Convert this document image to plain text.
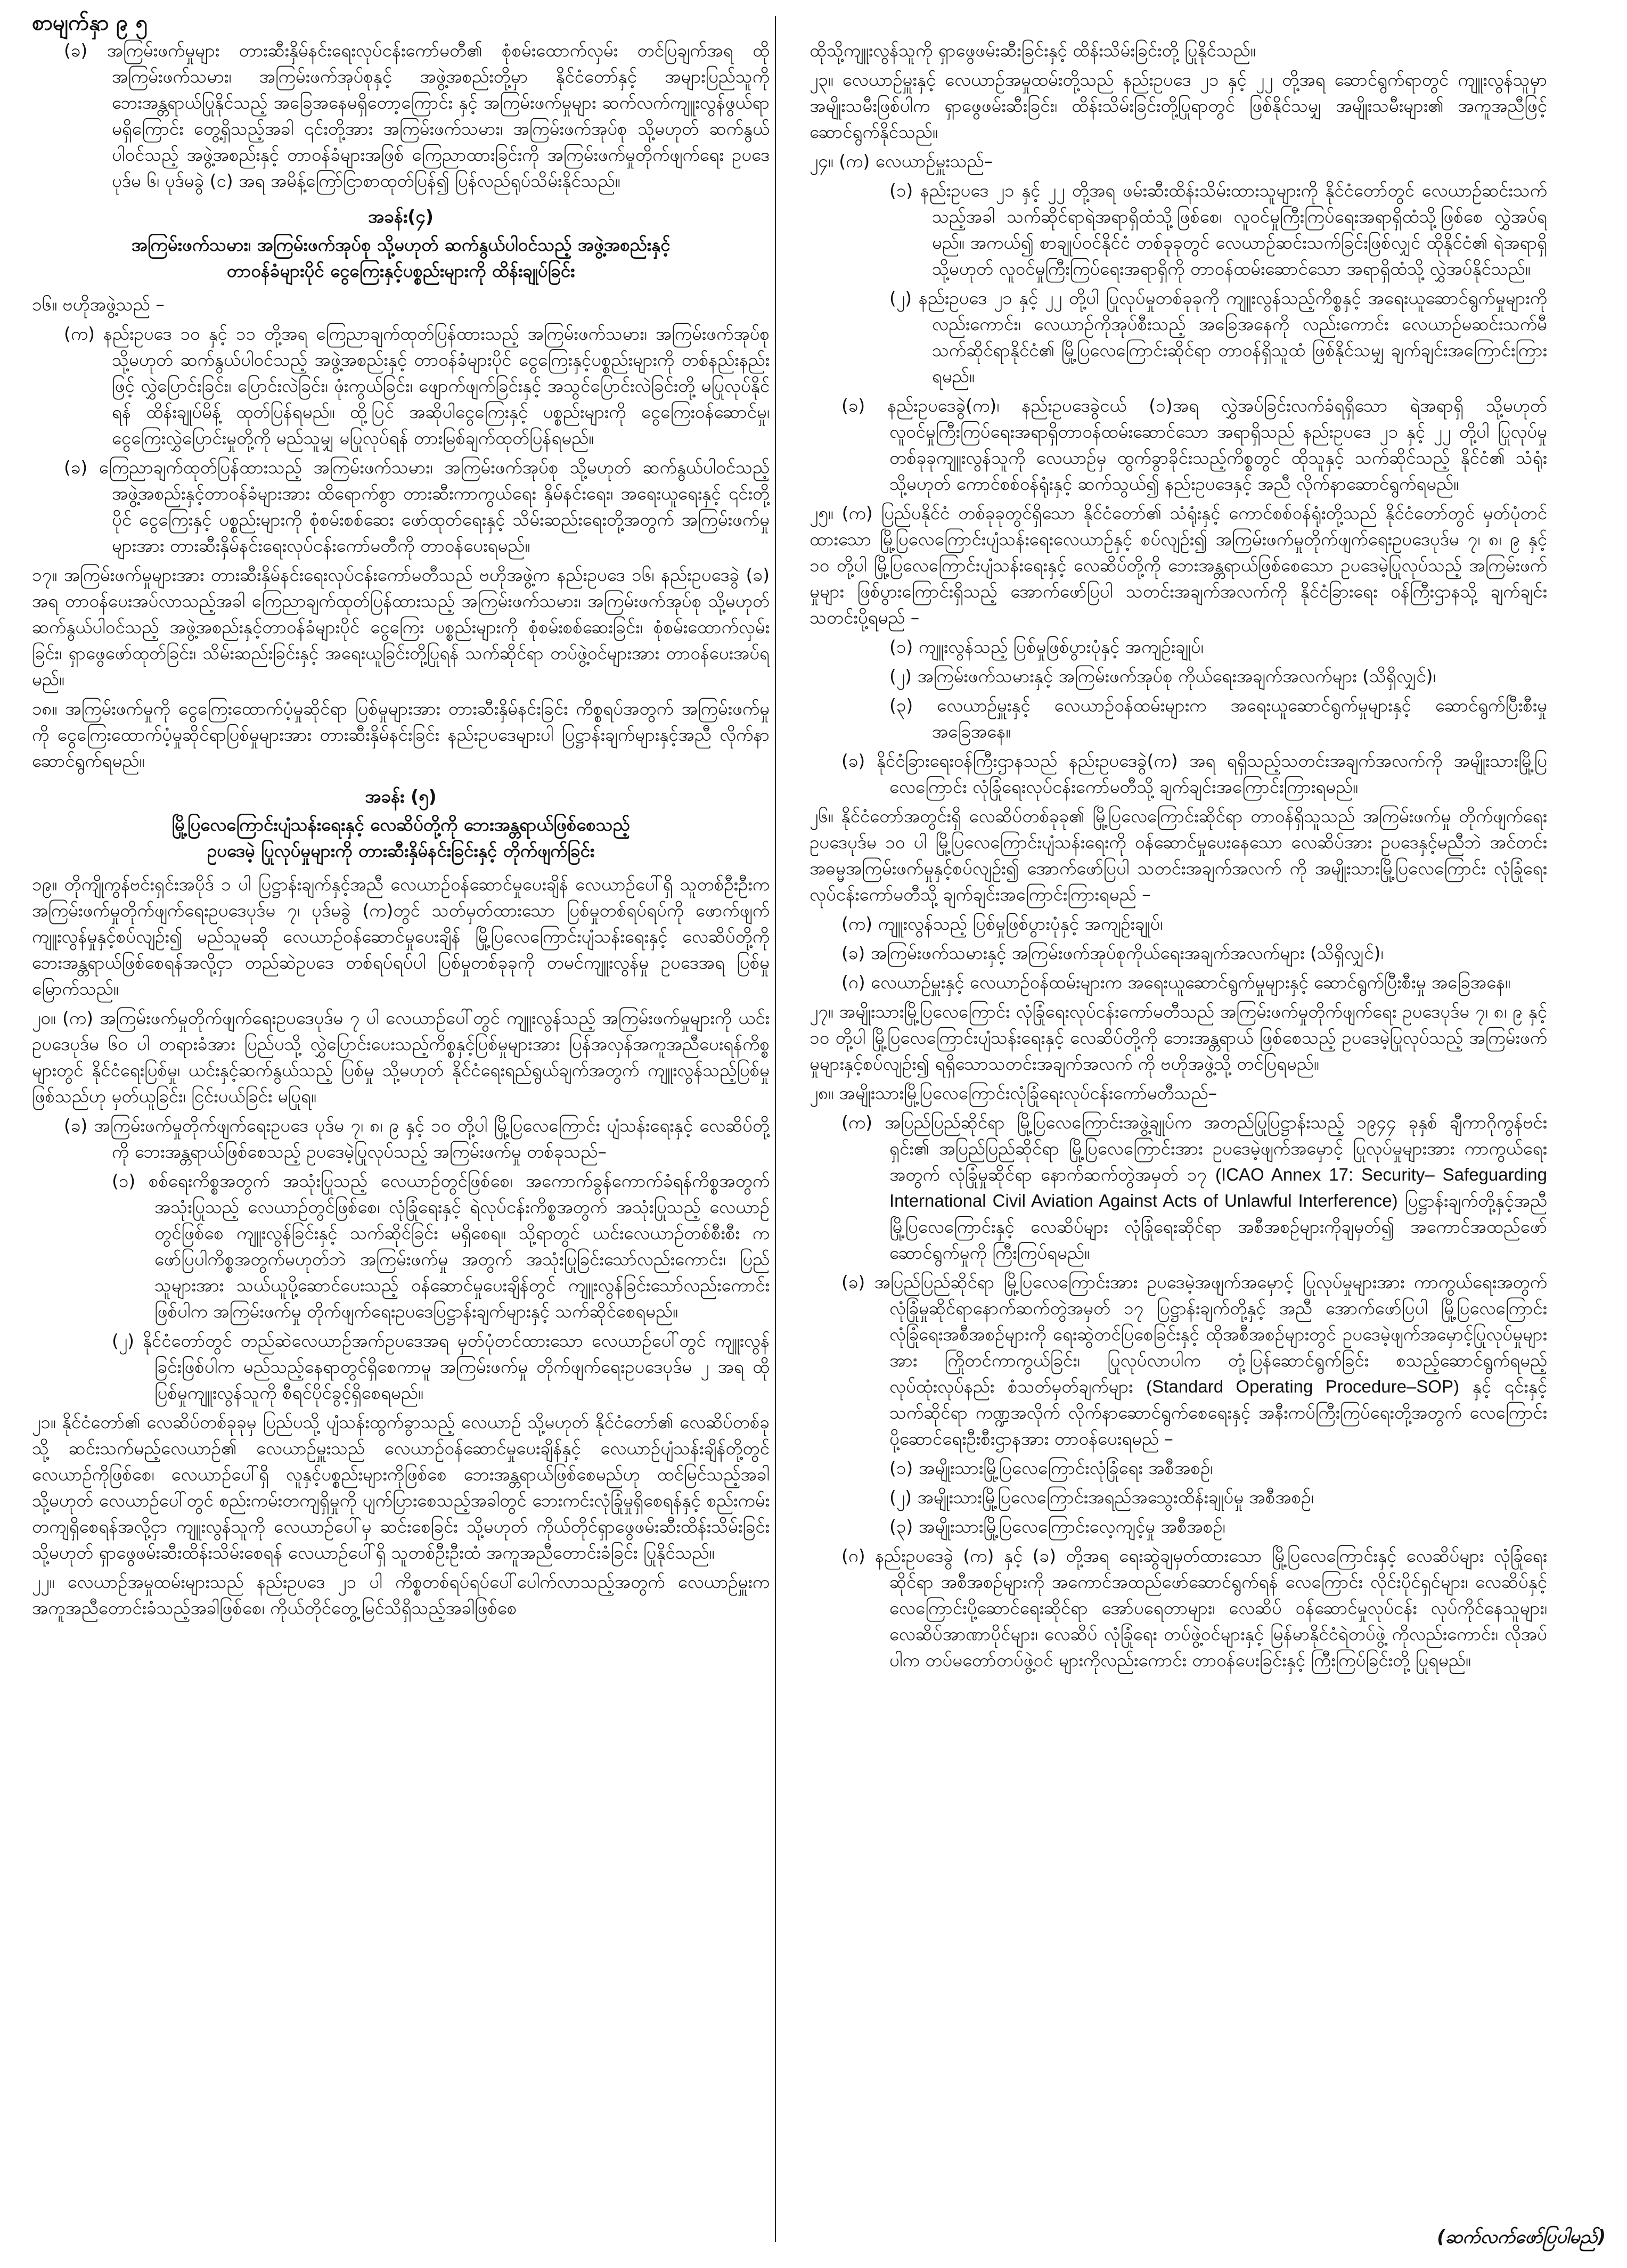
စာမျက်နှာ ၉ ၅

(ခ) အကြမ်းဖက်မှုများ တားဆီးနှိမ်နင်းရေးလုပ်ငန်းကော်မတီ၏ စုံစမ်းထောက်လှမ်း တင်ပြချက်အရ ထိုအကြမ်းဖက်သမား၊ အကြမ်းဖက်အုပ်စုနှင့် အဖွဲ့အစည်းတို့မှာ နိုင်ငံတော်နှင့် အများပြည်သူကို ဘေးအန္တရာယ်ပြုနိုင်သည့် အခြေအနေမရှိတော့ကြောင်း နှင့် အကြမ်းဖက်မှုများ ဆက်လက်ကျူးလွန်ဖွယ်ရာမရှိကြောင်း တွေ့ရှိသည့်အခါ ၎င်းတို့အား အကြမ်းဖက်သမား၊ အကြမ်းဖက်အုပ်စု သို့မဟုတ် ဆက်နွယ်ပါဝင်သည့် အဖွဲ့အစည်းနှင့် တာဝန်ခံများအဖြစ် ကြေညာထားခြင်းကို အကြမ်းဖက်မှုတိုက်ဖျက်ရေး ဥပဒေ ပုဒ်မ ၆၊ ပုဒ်မခွဲ (င) အရ အမိန့်ကြော်ငြာစာထုတ်ပြန်၍ ပြန်လည်ရုပ်သိမ်းနိုင်သည်။

အခန်း(၄)
အကြမ်းဖက်သမား၊ အကြမ်းဖက်အုပ်စု သို့မဟုတ် ဆက်နွယ်ပါဝင်သည့် အဖွဲ့အစည်းနှင့်
တာဝန်ခံများပိုင် ငွေကြေးနှင့်ပစ္စည်းများကို ထိန်းချုပ်ခြင်း

၁၆။ ဗဟိုအဖွဲ့သည် –

(က) နည်းဥပဒေ ၁၀ နှင့် ၁၁ တို့အရ ကြေညာချက်ထုတ်ပြန်ထားသည့် အကြမ်းဖက်သမား၊ အကြမ်းဖက်အုပ်စု သို့မဟုတ် ဆက်နွယ်ပါဝင်သည့် အဖွဲ့အစည်းနှင့် တာဝန်ခံများပိုင် ငွေကြေးနှင့်ပစ္စည်းများကို တစ်နည်းနည်းဖြင့် လွှဲပြောင်းခြင်း၊ ပြောင်းလဲခြင်း၊ ဖုံးကွယ်ခြင်း၊ ဖျောက်ဖျက်ခြင်းနှင့် အသွင်ပြောင်းလဲခြင်းတို့ မပြုလုပ်နိုင်ရန် ထိန်းချုပ်မိန့် ထုတ်ပြန်ရမည်။ ထို့ပြင် အဆိုပါငွေကြေးနှင့် ပစ္စည်းများကို ငွေကြေးဝန်ဆောင်မှု၊ ငွေကြေးလွှဲပြောင်းမှုတို့ကို မည်သူမျှ မပြုလုပ်ရန် တားမြစ်ချက်ထုတ်ပြန်ရမည်။

(ခ) ကြေညာချက်ထုတ်ပြန်ထားသည့် အကြမ်းဖက်သမား၊ အကြမ်းဖက်အုပ်စု သို့မဟုတ် ဆက်နွယ်ပါဝင်သည့် အဖွဲ့အစည်းနှင့်တာဝန်ခံများအား ထိရောက်စွာ တားဆီးကာကွယ်ရေး နှိမ်နင်းရေး၊ အရေးယူရေးနှင့် ၎င်းတို့ပိုင် ငွေကြေးနှင့် ပစ္စည်းများကို စုံစမ်းစစ်ဆေး ဖော်ထုတ်ရေးနှင့် သိမ်းဆည်းရေးတို့အတွက် အကြမ်းဖက်မှုများအား တားဆီးနှိမ်နင်းရေးလုပ်ငန်းကော်မတီကို တာဝန်ပေးရမည်။

၁၇။ အကြမ်းဖက်မှုများအား တားဆီးနှိမ်နင်းရေးလုပ်ငန်းကော်မတီသည် ဗဟိုအဖွဲ့က နည်းဥပဒေ ၁၆၊ နည်းဥပဒေခွဲ (ခ) အရ တာဝန်ပေးအပ်လာသည့်အခါ ကြေညာချက်ထုတ်ပြန်ထားသည့် အကြမ်းဖက်သမား၊ အကြမ်းဖက်အုပ်စု သို့မဟုတ် ဆက်နွယ်ပါဝင်သည့် အဖွဲ့အစည်းနှင့်တာဝန်ခံများပိုင် ငွေကြေး ပစ္စည်းများကို စုံစမ်းစစ်ဆေးခြင်း၊ စုံစမ်းထောက်လှမ်းခြင်း၊ ရှာဖွေဖော်ထုတ်ခြင်း၊ သိမ်းဆည်းခြင်းနှင့် အရေးယူခြင်းတို့ပြုရန် သက်ဆိုင်ရာ တပ်ဖွဲ့ဝင်များအား တာဝန်ပေးအပ်ရမည်။

၁၈။ အကြမ်းဖက်မှုကို ငွေကြေးထောက်ပံ့မှုဆိုင်ရာ ပြစ်မှုများအား တားဆီးနှိမ်နင်းခြင်း ကိစ္စရပ်အတွက် အကြမ်းဖက်မှုကို ငွေကြေးထောက်ပံ့မှုဆိုင်ရာပြစ်မှုများအား တားဆီးနှိမ်နင်းခြင်း နည်းဥပဒေများပါ ပြဋ္ဌာန်းချက်များနှင့်အညီ လိုက်နာဆောင်ရွက်ရမည်။

အခန်း (၅)
မြို့ပြလေကြောင်းပျံသန်းရေးနှင့် လေဆိပ်တို့ကို ဘေးအန္တရာယ်ဖြစ်စေသည့်
ဥပဒေမဲ့ ပြုလုပ်မှုများကို တားဆီးနှိမ်နင်းခြင်းနှင့် တိုက်ဖျက်ခြင်း

၁၉။ တိုကျိုကွန်ဗင်းရှင်းအပိုဒ် ၁ ပါ ပြဋ္ဌာန်းချက်နှင့်အညီ လေယာဉ်ဝန်ဆောင်မှုပေးချိန် လေယာဉ်ပေါ်ရှိ သူတစ်ဦးဦးက အကြမ်းဖက်မှုတိုက်ဖျက်ရေးဥပဒေပုဒ်မ ၇၊ ပုဒ်မခွဲ (က)တွင် သတ်မှတ်ထားသော ပြစ်မှုတစ်ရပ်ရပ်ကို ဖောက်ဖျက်ကျူးလွန်မှုနှင့်စပ်လျဉ်း၍ မည်သူမဆို လေယာဉ်ဝန်ဆောင်မှုပေးချိန် မြို့ပြလေကြောင်းပျံသန်းရေးနှင့် လေဆိပ်တို့ကို ဘေးအန္တရာယ်ဖြစ်စေရန်အလို့ငှာ တည်ဆဲဥပဒေ တစ်ရပ်ရပ်ပါ ပြစ်မှုတစ်ခုခုကို တမင်ကျူးလွန်မှု ဥပဒေအရ ပြစ်မှုမြောက်သည်။

၂၀။ (က) အကြမ်းဖက်မှုတိုက်ဖျက်ရေးဥပဒေပုဒ်မ ၇ ပါ လေယာဉ်ပေါ်တွင် ကျူးလွန်သည့် အကြမ်းဖက်မှုများကို ယင်းဥပဒေပုဒ်မ ၆၀ ပါ တရားခံအား ပြည်ပသို့ လွှဲပြောင်းပေးသည့်ကိစ္စနှင့်ပြစ်မှုများအား ပြန်အလှန်အကူအညီပေးရန်ကိစ္စများတွင် နိုင်ငံရေးပြစ်မှု၊ ယင်းနှင့်ဆက်နွယ်သည့် ပြစ်မှု သို့မဟုတ် နိုင်ငံရေးရည်ရွယ်ချက်အတွက် ကျူးလွန်သည့်ပြစ်မှုဖြစ်သည်ဟု မှတ်ယူခြင်း၊ ငြင်းပယ်ခြင်း မပြုရ။

(ခ) အကြမ်းဖက်မှုတိုက်ဖျက်ရေးဥပဒေ ပုဒ်မ ၇၊ ၈၊ ၉ နှင့် ၁၀ တို့ပါ မြို့ပြလေကြောင်း ပျံသန်းရေးနှင့် လေဆိပ်တို့ကို ဘေးအန္တရာယ်ဖြစ်စေသည့် ဥပဒေမဲ့ပြုလုပ်သည့် အကြမ်းဖက်မှု တစ်ခုသည်–

(၁) စစ်ရေးကိစ္စအတွက် အသုံးပြုသည့် လေယာဉ်တွင်ဖြစ်စေ၊ အကောက်ခွန်ကောက်ခံရန်ကိစ္စအတွက် အသုံးပြုသည့် လေယာဉ်တွင်ဖြစ်စေ၊ လုံခြုံရေးနှင့် ရဲလုပ်ငန်းကိစ္စအတွက် အသုံးပြုသည့် လေယာဉ်တွင်ဖြစ်စေ ကျူးလွန်ခြင်းနှင့် သက်ဆိုင်ခြင်း မရှိစေရ။ သို့ရာတွင် ယင်းလေယာဉ်တစ်စီးစီး က ဖော်ပြပါကိစ္စအတွက်မဟုတ်ဘဲ အကြမ်းဖက်မှု အတွက် အသုံးပြုခြင်းသော်လည်းကောင်း၊ ပြည်သူများအား သယ်ယူပို့ဆောင်ပေးသည့် ဝန်ဆောင်မှုပေးချိန်တွင် ကျူးလွန်ခြင်းသော်လည်းကောင်းဖြစ်ပါက အကြမ်းဖက်မှု တိုက်ဖျက်ရေးဥပဒေပြဋ္ဌာန်းချက်များနှင့် သက်ဆိုင်စေရမည်။

(၂) နိုင်ငံတော်တွင် တည်ဆဲလေယာဉ်အက်ဥပဒေအရ မှတ်ပုံတင်ထားသော လေယာဉ်ပေါ်တွင် ကျူးလွန်ခြင်းဖြစ်ပါက မည်သည့်နေရာတွင်ရှိစေကာမူ အကြမ်းဖက်မှု တိုက်ဖျက်ရေးဥပဒေပုဒ်မ ၂ အရ ထိုပြစ်မှုကျူးလွန်သူကို စီရင်ပိုင်ခွင့်ရှိစေရမည်။

၂၁။ နိုင်ငံတော်၏ လေဆိပ်တစ်ခုခုမှ ပြည်ပသို့ ပျံသန်းထွက်ခွာသည့် လေယာဉ် သို့မဟုတ် နိုင်ငံတော်၏ လေဆိပ်တစ်ခုသို့ ဆင်းသက်မည့်လေယာဉ်၏ လေယာဉ်မှူးသည် လေယာဉ်ဝန်ဆောင်မှုပေးချိန်နှင့် လေယာဉ်ပျံသန်းချိန်တို့တွင် လေယာဉ်ကိုဖြစ်စေ၊ လေယာဉ်ပေါ်ရှိ လူနှင့်ပစ္စည်းများကိုဖြစ်စေ ဘေးအန္တရာယ်ဖြစ်စေမည်ဟု ထင်မြင်သည့်အခါ သို့မဟုတ် လေယာဉ်ပေါ်တွင် စည်းကမ်းတကျရှိမှုကို ပျက်ပြားစေသည့်အခါတွင် ဘေးကင်းလုံခြုံမှုရှိစေရန်နှင့် စည်းကမ်းတကျရှိစေရန်အလို့ငှာ ကျူးလွန်သူကို လေယာဉ်ပေါ်မှ ဆင်းစေခြင်း သို့မဟုတ် ကိုယ်တိုင်ရှာဖွေဖမ်းဆီးထိန်းသိမ်းခြင်း သို့မဟုတ် ရှာဖွေဖမ်းဆီးထိန်းသိမ်းစေရန် လေယာဉ်ပေါ်ရှိ သူတစ်ဦးဦးထံ အကူအညီတောင်းခံခြင်း ပြုနိုင်သည်။

၂၂။ လေယာဉ်အမှုထမ်းများသည် နည်းဥပဒေ ၂၁ ပါ ကိစ္စတစ်ရပ်ရပ်ပေါ်ပေါက်လာသည့်အတွက် လေယာဉ်မှူးက အကူအညီတောင်းခံသည့်အခါဖြစ်စေ၊ ကိုယ်တိုင်တွေ့မြင်သိရှိသည့်အခါဖြစ်စေ

ထိုသို့ကျူးလွန်သူကို ရှာဖွေဖမ်းဆီးခြင်းနှင့် ထိန်းသိမ်းခြင်းတို့ ပြုနိုင်သည်။

၂၃။ လေယာဉ်မှူးနှင့် လေယာဉ်အမှုထမ်းတို့သည် နည်းဥပဒေ ၂၁ နှင့် ၂၂ တို့အရ ဆောင်ရွက်ရာတွင် ကျူးလွန်သူမှာ အမျိုးသမီးဖြစ်ပါက ရှာဖွေဖမ်းဆီးခြင်း၊ ထိန်းသိမ်းခြင်းတို့ပြုရာတွင် ဖြစ်နိုင်သမျှ အမျိုးသမီးများ၏ အကူအညီဖြင့် ဆောင်ရွက်နိုင်သည်။

၂၄။ (က) လေယာဉ်မှူးသည်–

(၁) နည်းဥပဒေ ၂၁ နှင့် ၂၂ တို့အရ ဖမ်းဆီးထိန်းသိမ်းထားသူများကို နိုင်ငံတော်တွင် လေယာဉ်ဆင်းသက်သည့်အခါ သက်ဆိုင်ရာရဲအရာရှိထံသို့ဖြစ်စေ၊ လူဝင်မှုကြီးကြပ်ရေးအရာရှိထံသို့ဖြစ်စေ လွှဲအပ်ရမည်။ အကယ်၍ စာချုပ်ဝင်နိုင်ငံ တစ်ခုခုတွင် လေယာဉ်ဆင်းသက်ခြင်းဖြစ်လျှင် ထိုနိုင်ငံ၏ ရဲအရာရှိ သို့မဟုတ် လူဝင်မှုကြီးကြပ်ရေးအရာရှိကို တာဝန်ထမ်းဆောင်သော အရာရှိထံသို့ လွှဲအပ်နိုင်သည်။

(၂) နည်းဥပဒေ ၂၁ နှင့် ၂၂ တို့ပါ ပြုလုပ်မှုတစ်ခုခုကို ကျူးလွန်သည့်ကိစ္စနှင့် အရေးယူဆောင်ရွက်မှုများကိုလည်းကောင်း၊ လေယာဉ်ကိုအုပ်စီးသည့် အခြေအနေကို လည်းကောင်း လေယာဉ်မဆင်းသက်မီ သက်ဆိုင်ရာနိုင်ငံ၏ မြို့ပြလေကြောင်းဆိုင်ရာ တာဝန်ရှိသူထံ ဖြစ်နိုင်သမျှ ချက်ချင်းအကြောင်းကြားရမည်။

(ခ) နည်းဥပဒေခွဲ(က)၊ နည်းဥပဒေခွဲငယ် (၁)အရ လွှဲအပ်ခြင်းလက်ခံရရှိသော ရဲအရာရှိ သို့မဟုတ် လူဝင်မှုကြီးကြပ်ရေးအရာရှိတာဝန်ထမ်းဆောင်သော အရာရှိသည် နည်းဥပဒေ ၂၁ နှင့် ၂၂ တို့ပါ ပြုလုပ်မှုတစ်ခုခုကျူးလွန်သူကို လေယာဉ်မှ ထွက်ခွာခိုင်းသည့်ကိစ္စတွင် ထိုသူနှင့် သက်ဆိုင်သည့် နိုင်ငံ၏ သံရုံး သို့မဟုတ် ကောင်စစ်ဝန်ရုံးနှင့် ဆက်သွယ်၍ နည်းဥပဒေနှင့် အညီ လိုက်နာဆောင်ရွက်ရမည်။

၂၅။ (က) ပြည်ပနိုင်ငံ တစ်ခုခုတွင်ရှိသော နိုင်ငံတော်၏ သံရုံးနှင့် ကောင်စစ်ဝန်ရုံးတို့သည် နိုင်ငံတော်တွင် မှတ်ပုံတင်ထားသော မြို့ပြလေကြောင်းပျံသန်းရေးလေယာဉ်နှင့် စပ်လျဉ်း၍ အကြမ်းဖက်မှုတိုက်ဖျက်ရေးဥပဒေပုဒ်မ ၇၊ ၈၊ ၉ နှင့် ၁၀ တို့ပါ မြို့ပြလေကြောင်းပျံသန်းရေးနှင့် လေဆိပ်တို့ကို ဘေးအန္တရာယ်ဖြစ်စေသော ဥပဒေမဲ့ပြုလုပ်သည့် အကြမ်းဖက်မှုများ ဖြစ်ပွားကြောင်းရှိသည့် အောက်ဖော်ပြပါ သတင်းအချက်အလက်ကို နိုင်ငံခြားရေး ဝန်ကြီးဌာနသို့ ချက်ချင်းသတင်းပို့ရမည် –

(၁) ကျူးလွန်သည့် ပြစ်မှုဖြစ်ပွားပုံနှင့် အကျဉ်းချုပ်၊

(၂) အကြမ်းဖက်သမားနှင့် အကြမ်းဖက်အုပ်စု ကိုယ်ရေးအချက်အလက်များ (သိရှိလျှင်)၊

(၃) လေယာဉ်မှူးနှင့် လေယာဉ်ဝန်ထမ်းများက အရေးယူဆောင်ရွက်မှုများနှင့် ဆောင်ရွက်ပြီးစီးမှု အခြေအနေ။

(ခ) နိုင်ငံခြားရေးဝန်ကြီးဌာနသည် နည်းဥပဒေခွဲ(က) အရ ရရှိသည့်သတင်းအချက်အလက်ကို အမျိုးသားမြို့ပြလေကြောင်း လုံခြုံရေးလုပ်ငန်းကော်မတီသို့ ချက်ချင်းအကြောင်းကြားရမည်။

၂၆။ နိုင်ငံတော်အတွင်းရှိ လေဆိပ်တစ်ခုခု၏ မြို့ပြလေကြောင်းဆိုင်ရာ တာဝန်ရှိသူသည် အကြမ်းဖက်မှု တိုက်ဖျက်ရေးဥပဒေပုဒ်မ ၁၀ ပါ မြို့ပြလေကြောင်းပျံသန်းရေးကို ဝန်ဆောင်မှုပေးနေသော လေဆိပ်အား ဥပဒေနှင့်မညီဘဲ အင်တင်းအဓမ္မအကြမ်းဖက်မှုနှင့်စပ်လျဉ်း၍ အောက်ဖော်ပြပါ သတင်းအချက်အလက် ကို အမျိုးသားမြို့ပြလေကြောင်း လုံခြုံရေးလုပ်ငန်းကော်မတီသို့ ချက်ချင်းအကြောင်းကြားရမည် –

(က) ကျူးလွန်သည့် ပြစ်မှုဖြစ်ပွားပုံနှင့် အကျဉ်းချုပ်၊

(ခ) အကြမ်းဖက်သမားနှင့် အကြမ်းဖက်အုပ်စုကိုယ်ရေးအချက်အလက်များ (သိရှိလျှင်)၊

(ဂ) လေယာဉ်မှူးနှင့် လေယာဉ်ဝန်ထမ်းများက အရေးယူဆောင်ရွက်မှုများနှင့် ဆောင်ရွက်ပြီးစီးမှု အခြေအနေ။

၂၇။ အမျိုးသားမြို့ပြလေကြောင်း လုံခြုံရေးလုပ်ငန်းကော်မတီသည် အကြမ်းဖက်မှုတိုက်ဖျက်ရေး ဥပဒေပုဒ်မ ၇၊ ၈၊ ၉ နှင့် ၁၀ တို့ပါ မြို့ပြလေကြောင်းပျံသန်းရေးနှင့် လေဆိပ်တို့ကို ဘေးအန္တရာယ် ဖြစ်စေသည့် ဥပဒေမဲ့ပြုလုပ်သည့် အကြမ်းဖက်မှုများနှင့်စပ်လျဉ်း၍ ရရှိသောသတင်းအချက်အလက် ကို ဗဟိုအဖွဲ့သို့ တင်ပြရမည်။

၂၈။ အမျိုးသားမြို့ပြလေကြောင်းလုံခြုံရေးလုပ်ငန်းကော်မတီသည်–

(က) အပြည်ပြည်ဆိုင်ရာ မြို့ပြလေကြောင်းအဖွဲ့ချုပ်က အတည်ပြုပြဋ္ဌာန်းသည့် ၁၉၄၄ ခုနှစ် ချီကာဂိုကွန်ဗင်းရှင်း၏ အပြည်ပြည်ဆိုင်ရာ မြို့ပြလေကြောင်းအား ဥပဒေမဲ့ဖျက်အမှောင့် ပြုလုပ်မှုများအား ကာကွယ်ရေးအတွက် လုံခြုံမှုဆိုင်ရာ နောက်ဆက်တွဲအမှတ် ၁၇ (ICAO Annex 17: Security– Safeguarding International Civil Aviation Against Acts of Unlawful Interference) ပြဋ္ဌာန်းချက်တို့နှင့်အညီ မြို့ပြလေကြောင်းနှင့် လေဆိပ်များ လုံခြုံရေးဆိုင်ရာ အစီအစဉ်များကိုချမှတ်၍ အကောင်အထည်ဖော် ဆောင်ရွက်မှုကို ကြီးကြပ်ရမည်။

(ခ) အပြည်ပြည်ဆိုင်ရာ မြို့ပြလေကြောင်းအား ဥပဒေမဲ့အဖျက်အမှောင့် ပြုလုပ်မှုများအား ကာကွယ်ရေးအတွက် လုံခြုံမှုဆိုင်ရာနောက်ဆက်တွဲအမှတ် ၁၇ ပြဋ္ဌာန်းချက်တို့နှင့် အညီ အောက်ဖော်ပြပါ မြို့ပြလေကြောင်းလုံခြုံရေးအစီအစဉ်များကို ရေးဆွဲတင်ပြစေခြင်းနှင့် ထိုအစီအစဉ်များတွင် ဥပဒေမဲ့ဖျက်အမှောင့်ပြုလုပ်မှုများအား ကြိုတင်ကာကွယ်ခြင်း၊ ပြုလုပ်လာပါက တုံ့ပြန်ဆောင်ရွက်ခြင်း စသည့်ဆောင်ရွက်ရမည့် လုပ်ထုံးလုပ်နည်း စံသတ်မှတ်ချက်များ (Standard Operating Procedure–SOP) နှင့် ၎င်းနှင့် သက်ဆိုင်ရာ ကဏ္ဍအလိုက် လိုက်နာဆောင်ရွက်စေရေးနှင့် အနီးကပ်ကြီးကြပ်ရေးတို့အတွက် လေကြောင်း ပို့ဆောင်ရေးဦးစီးဌာနအား တာဝန်ပေးရမည် –

(၁) အမျိုးသားမြို့ပြလေကြောင်းလုံခြုံရေး အစီအစဉ်၊

(၂) အမျိုးသားမြို့ပြလေကြောင်းအရည်အသွေးထိန်းချုပ်မှု အစီအစဉ်၊

(၃) အမျိုးသားမြို့ပြလေကြောင်းလေ့ကျင့်မှု အစီအစဉ်၊

(ဂ) နည်းဥပဒေခွဲ (က) နှင့် (ခ) တို့အရ ရေးဆွဲချမှတ်ထားသော မြို့ပြလေကြောင်းနှင့် လေဆိပ်များ လုံခြုံရေးဆိုင်ရာ အစီအစဉ်များကို အကောင်အထည်ဖော်ဆောင်ရွက်ရန် လေကြောင်း လိုင်းပိုင်ရှင်များ၊ လေဆိပ်နှင့် လေကြောင်းပို့ဆောင်ရေးဆိုင်ရာ အော်ပရေတာများ၊ လေဆိပ် ဝန်ဆောင်မှုလုပ်ငန်း လုပ်ကိုင်နေသူများ၊ လေဆိပ်အာဏာပိုင်များ၊ လေဆိပ် လုံခြုံရေး တပ်ဖွဲ့ဝင်များနှင့် မြန်မာနိုင်ငံရဲတပ်ဖွဲ့ ကိုလည်းကောင်း၊ လိုအပ်ပါက တပ်မတော်တပ်ဖွဲ့ဝင် များကိုလည်းကောင်း တာဝန်ပေးခြင်းနှင့် ကြီးကြပ်ခြင်းတို့ ပြုရမည်။

(ဆက်လက်ဖော်ပြပါမည်)
